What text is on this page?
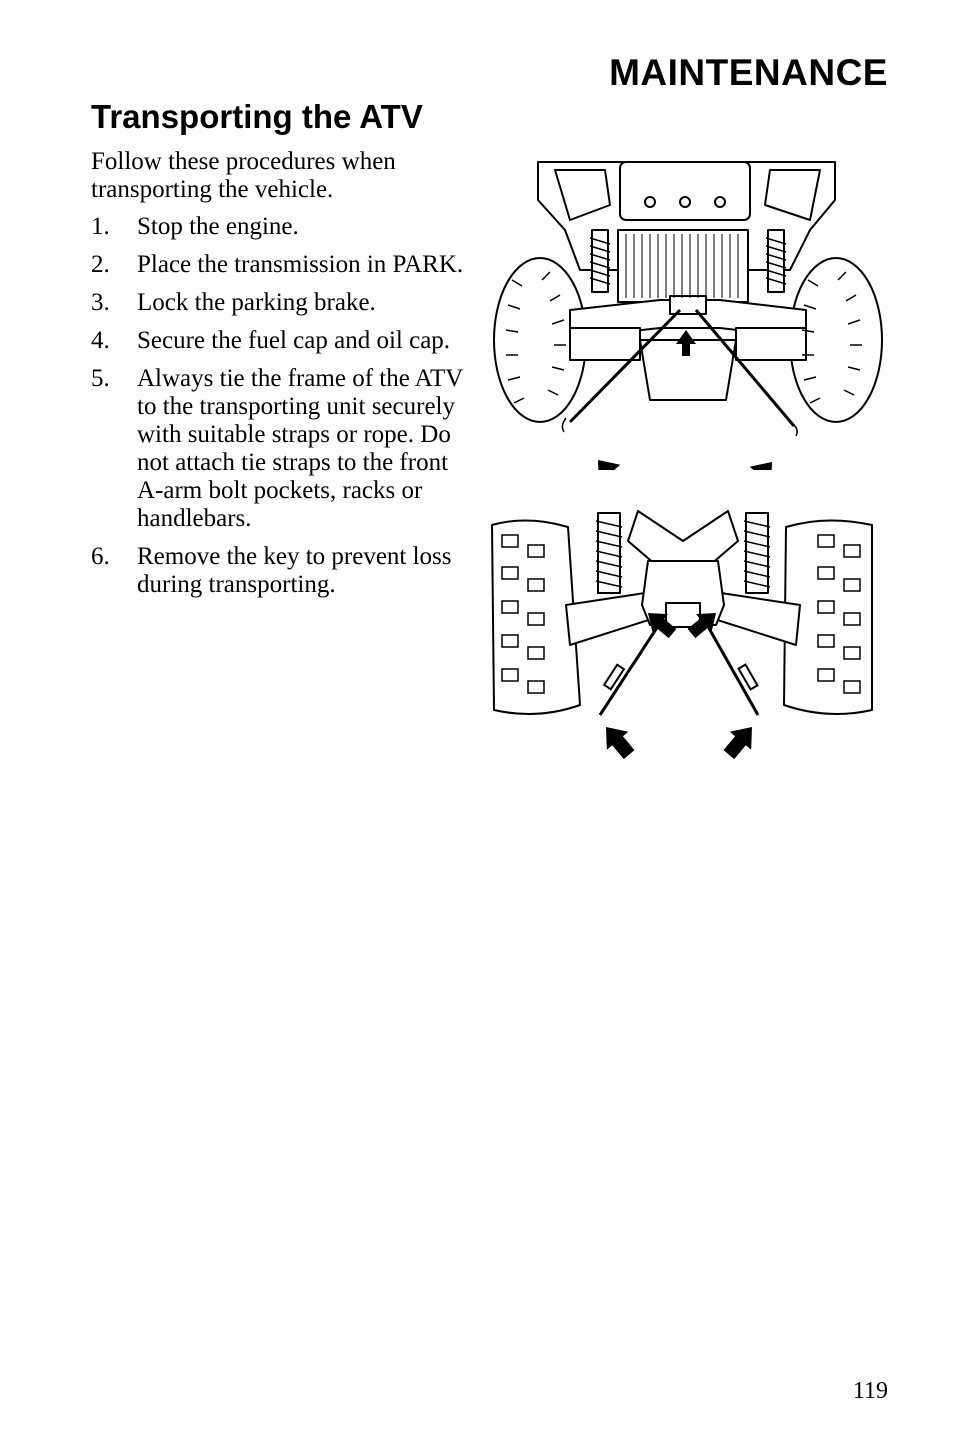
MAINTENANCE
Transporting the ATV

Follow these procedures when transporting the vehicle.

1. Stop the engine.
2. Place the transmission in PARK.
3. Lock the parking brake.
4. Secure the fuel cap and oil cap.
5. Always tie the frame of the ATV to the transporting unit securely with suitable straps or rope. Do not attach tie straps to the front A-arm bolt pockets, racks or handlebars.
6. Remove the key to prevent loss during transporting.
119
